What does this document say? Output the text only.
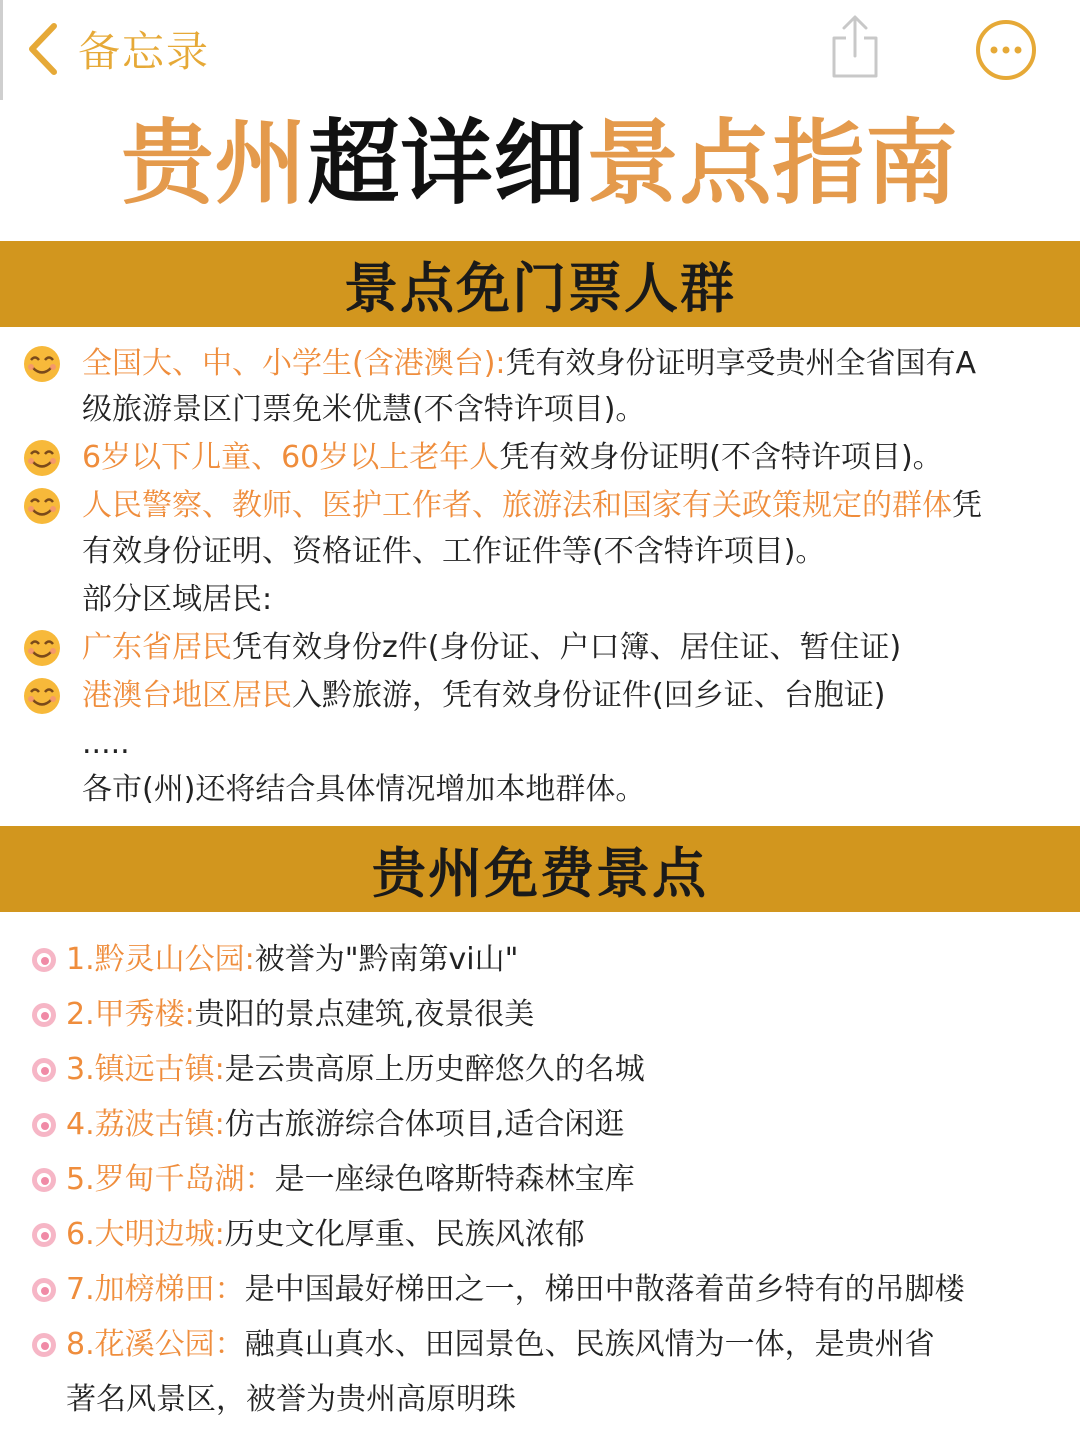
备忘录
贵州超详细景点指南
景点免门票人群
全国大、中、小学生(含港澳台):凭有效身份证明享受贵州全省国有A
级旅游景区门票免米优慧(不含特许项目)。
6岁以下儿童、60岁以上老年人凭有效身份证明(不含特许项目)。
人民警察、教师、医护工作者、旅游法和国家有关政策规定的群体凭
有效身份证明、资格证件、工作证件等(不含特许项目)。
部分区域居民:
广东省居民凭有效身份z件(身份证、户口簿、居住证、暂住证)
港澳台地区居民入黔旅游，凭有效身份证件(回乡证、台胞证)
.....
各市(州)还将结合具体情况增加本地群体。
贵州免费景点
1.黔灵山公园: 被誉为"黔南第vi山"
2.甲秀楼: 贵阳的景点建筑,夜景很美
3.镇远古镇: 是云贵高原上历史醉悠久的名城
4.荔波古镇: 仿古旅游综合体项目,适合闲逛
5.罗甸千岛湖： 是一座绿色喀斯特森林宝库
6.大明边城: 历史文化厚重、民族风浓郁
7.加榜梯田： 是中国最好梯田之一，梯田中散落着苗乡特有的吊脚楼
8.花溪公园： 融真山真水、田园景色、民族风情为一体，是贵州省
著名风景区，被誉为贵州高原明珠
